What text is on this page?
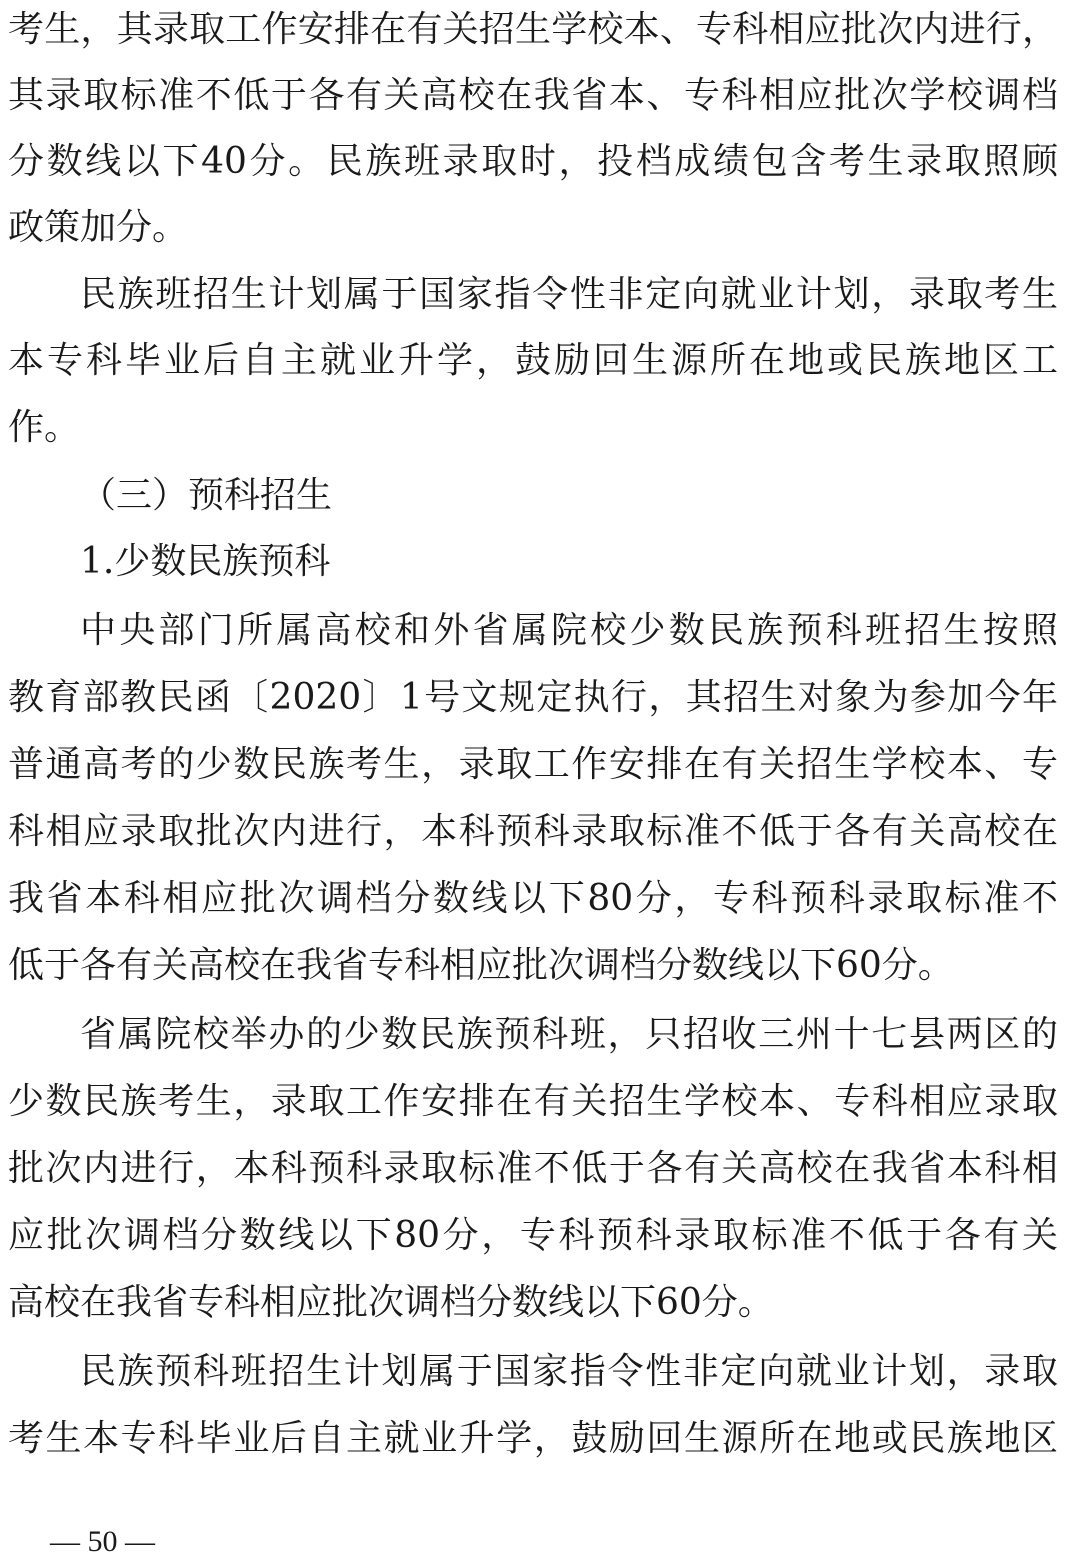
考生，其录取工作安排在有关招生学校本、专科相应批次内进行，
其录取标准不低于各有关高校在我省本、专科相应批次学校调档
分数线以下40分。民族班录取时，投档成绩包含考生录取照顾
政策加分。
民族班招生计划属于国家指令性非定向就业计划，录取考生
本专科毕业后自主就业升学，鼓励回生源所在地或民族地区工
作。
（三）预科招生
1.少数民族预科
中央部门所属高校和外省属院校少数民族预科班招生按照
教育部教民函〔2020〕1号文规定执行，其招生对象为参加今年
普通高考的少数民族考生，录取工作安排在有关招生学校本、专
科相应录取批次内进行，本科预科录取标准不低于各有关高校在
我省本科相应批次调档分数线以下80分，专科预科录取标准不
低于各有关高校在我省专科相应批次调档分数线以下60分。
省属院校举办的少数民族预科班，只招收三州十七县两区的
少数民族考生，录取工作安排在有关招生学校本、专科相应录取
批次内进行，本科预科录取标准不低于各有关高校在我省本科相
应批次调档分数线以下80分，专科预科录取标准不低于各有关
高校在我省专科相应批次调档分数线以下60分。
民族预科班招生计划属于国家指令性非定向就业计划，录取
考生本专科毕业后自主就业升学，鼓励回生源所在地或民族地区
— 50 —
